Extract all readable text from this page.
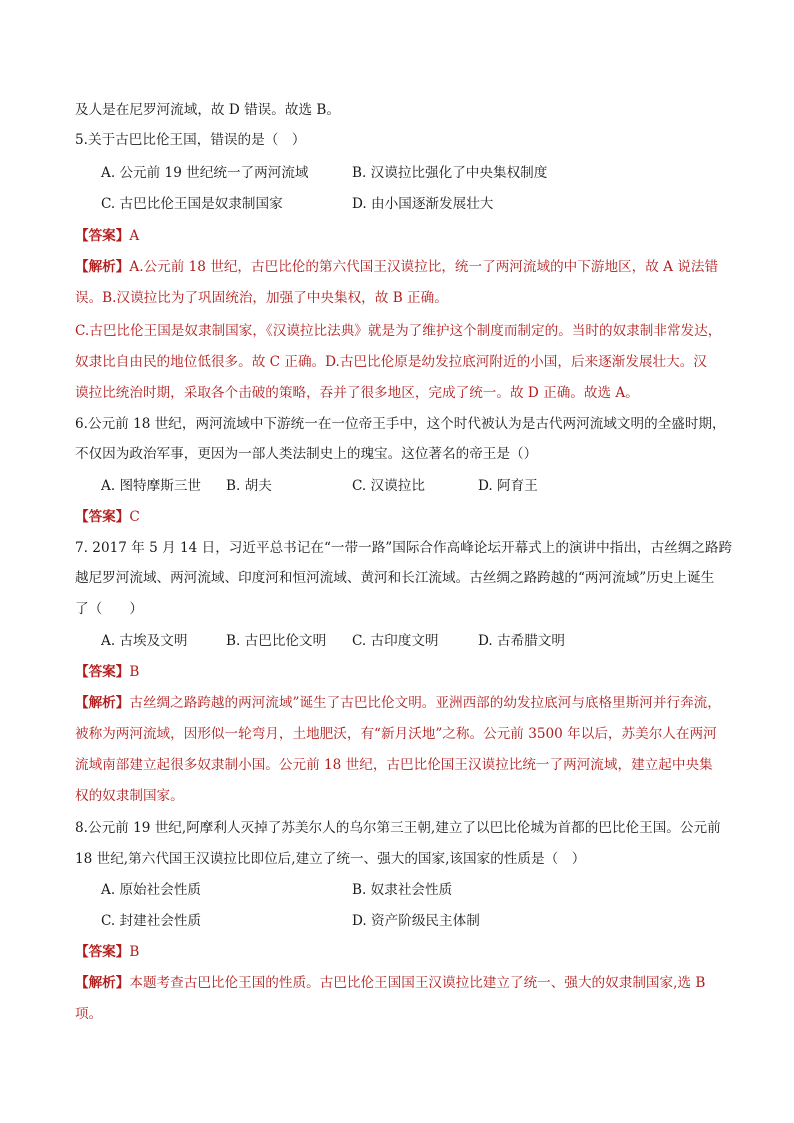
及人是在尼罗河流域，故 D 错误。故选 B。
5.关于古巴比伦王国，错误的是（　）
A. 公元前 19 世纪统一了两河流域	B. 汉谟拉比强化了中央集权制度
C. 古巴比伦王国是奴隶制国家	D. 由小国逐渐发展壮大
【答案】A
【解析】A.公元前 18 世纪，古巴比伦的第六代国王汉谟拉比，统一了两河流域的中下游地区，故 A 说法错
误。B.汉谟拉比为了巩固统治，加强了中央集权，故 B 正确。
C.古巴比伦王国是奴隶制国家，《汉谟拉比法典》就是为了维护这个制度而制定的。当时的奴隶制非常发达，
奴隶比自由民的地位低很多。故 C 正确。D.古巴比伦原是幼发拉底河附近的小国，后来逐渐发展壮大。汉
谟拉比统治时期，采取各个击破的策略，吞并了很多地区，完成了统一。故 D 正确。故选 A。
6.公元前 18 世纪，两河流域中下游统一在一位帝王手中，这个时代被认为是古代两河流域文明的全盛时期，
不仅因为政治军事，更因为一部人类法制史上的瑰宝。这位著名的帝王是（）
A. 图特摩斯三世 B. 胡夫	C. 汉谟拉比	D. 阿育王
【答案】C
7. 2017 年 5 月 14 日，习近平总书记在“一带一路”国际合作高峰论坛开幕式上的演讲中指出，古丝绸之路跨
越尼罗河流域、两河流域、印度河和恒河流域、黄河和长江流域。古丝绸之路跨越的“两河流域”历史上诞生
了（　　）
A. 古埃及文明	B. 古巴比伦文明 C. 古印度文明	D. 古希腊文明
【答案】B
【解析】古丝绸之路跨越的两河流域”诞生了古巴比伦文明。亚洲西部的幼发拉底河与底格里斯河并行奔流，
被称为两河流域，因形似一轮弯月，土地肥沃，有“新月沃地”之称。公元前 3500 年以后，苏美尔人在两河
流域南部建立起很多奴隶制小国。公元前 18 世纪，古巴比伦国王汉谟拉比统一了两河流域，建立起中央集
权的奴隶制国家。
8.公元前 19 世纪,阿摩利人灭掉了苏美尔人的乌尔第三王朝,建立了以巴比伦城为首都的巴比伦王国。公元前
18 世纪,第六代国王汉谟拉比即位后,建立了统一、强大的国家,该国家的性质是（　）
A. 原始社会性质	B. 奴隶社会性质
C. 封建社会性质	D. 资产阶级民主体制
【答案】B
【解析】本题考查古巴比伦王国的性质。古巴比伦王国国王汉谟拉比建立了统一、强大的奴隶制国家,选 B
项。
